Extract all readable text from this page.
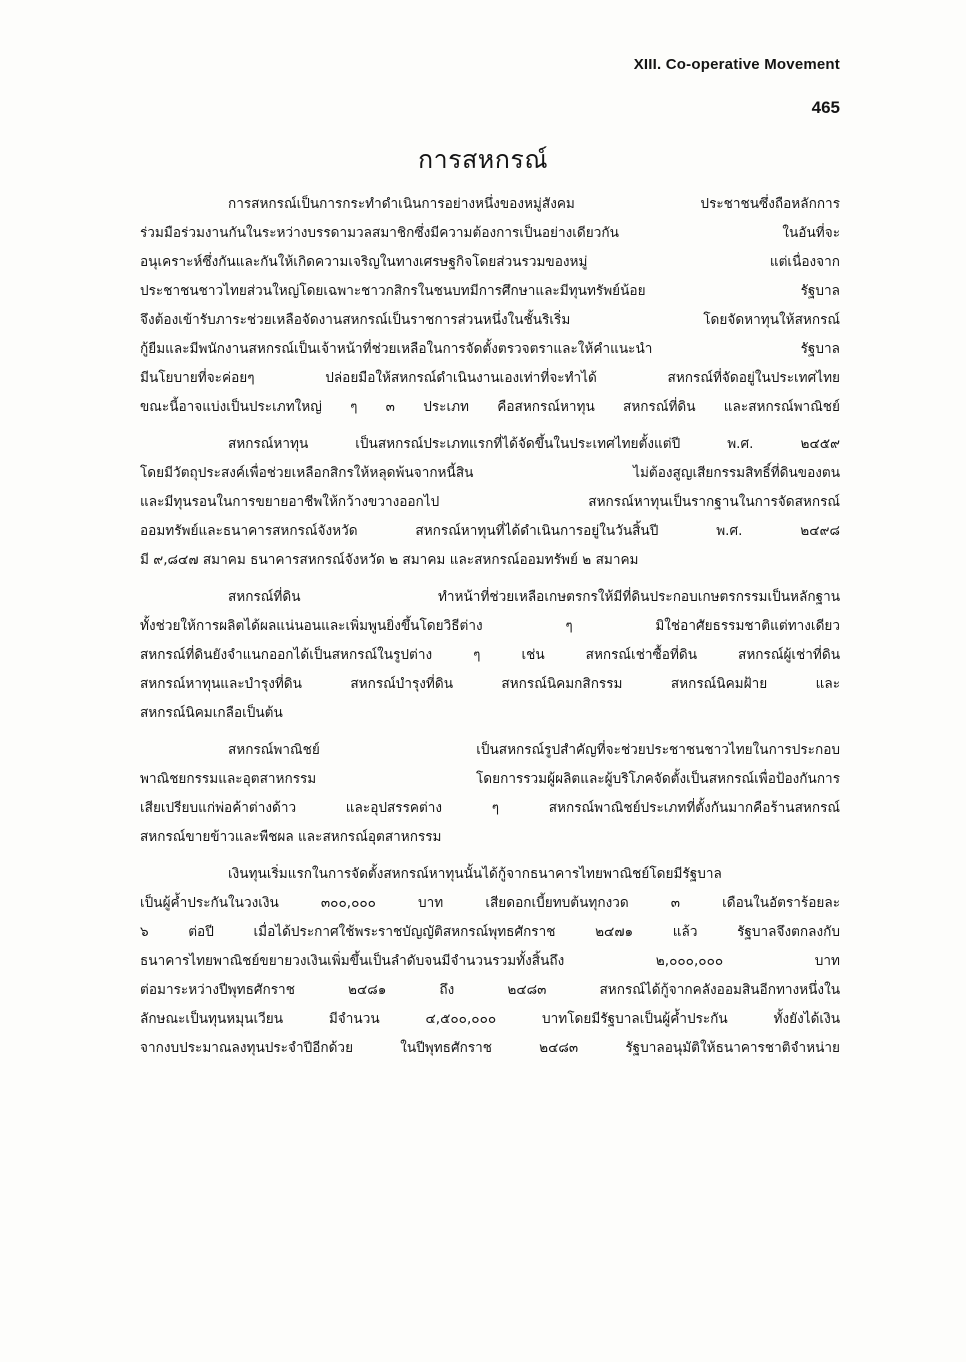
XIII. Co-operative Movement
465
การสหกรณ์
การสหกรณ์เป็นการกระทำดำเนินการอย่างหนึ่งของหมู่สังคม ประชาชนซึ่งถือหลักการ
ร่วมมือร่วมงานกันในระหว่างบรรดามวลสมาชิกซึ่งมีความต้องการเป็นอย่างเดียวกัน ในอันที่จะ
อนุเคราะห์ซึ่งกันและกันให้เกิดความเจริญในทางเศรษฐกิจโดยส่วนรวมของหมู่ แต่เนื่องจาก
ประชาชนชาวไทยส่วนใหญ่โดยเฉพาะชาวกสิกรในชนบทมีการศึกษาและมีทุนทรัพย์น้อย รัฐบาล
จึงต้องเข้ารับภาระช่วยเหลือจัดงานสหกรณ์เป็นราชการส่วนหนึ่งในชั้นริเริ่ม โดยจัดหาทุนให้สหกรณ์
กู้ยืมและมีพนักงานสหกรณ์เป็นเจ้าหน้าที่ช่วยเหลือในการจัดตั้งตรวจตราและให้คำแนะนำ รัฐบาล
มีนโยบายที่จะค่อยๆ ปล่อยมือให้สหกรณ์ดำเนินงานเองเท่าที่จะทำได้ สหกรณ์ที่จัดอยู่ในประเทศไทย
ขณะนี้อาจแบ่งเป็นประเภทใหญ่ ๆ ๓ ประเภท คือสหกรณ์หาทุน สหกรณ์ที่ดิน และสหกรณ์พาณิชย์
สหกรณ์หาทุน เป็นสหกรณ์ประเภทแรกที่ได้จัดขึ้นในประเทศไทยตั้งแต่ปี พ.ศ. ๒๔๕๙
โดยมีวัตถุประสงค์เพื่อช่วยเหลือกสิกรให้หลุดพ้นจากหนี้สิน ไม่ต้องสูญเสียกรรมสิทธิ์ที่ดินของตน
และมีทุนรอนในการขยายอาชีพให้กว้างขวางออกไป สหกรณ์หาทุนเป็นรากฐานในการจัดสหกรณ์
ออมทรัพย์และธนาคารสหกรณ์จังหวัด สหกรณ์หาทุนที่ได้ดำเนินการอยู่ในวันสิ้นปี พ.ศ. ๒๔๙๘
มี ๙,๘๔๗ สมาคม ธนาคารสหกรณ์จังหวัด ๒ สมาคม และสหกรณ์ออมทรัพย์ ๒ สมาคม
สหกรณ์ที่ดิน ทำหน้าที่ช่วยเหลือเกษตรกรให้มีที่ดินประกอบเกษตรกรรมเป็นหลักฐาน
ทั้งช่วยให้การผลิตได้ผลแน่นอนและเพิ่มพูนยิ่งขึ้นโดยวิธีต่าง ๆ มิใช่อาศัยธรรมชาติแต่ทางเดียว
สหกรณ์ที่ดินยังจำแนกออกได้เป็นสหกรณ์ในรูปต่าง ๆ เช่น สหกรณ์เช่าซื้อที่ดิน สหกรณ์ผู้เช่าที่ดิน
สหกรณ์หาทุนและบำรุงที่ดิน สหกรณ์บำรุงที่ดิน สหกรณ์นิคมกสิกรรม สหกรณ์นิคมฝ้าย และ
สหกรณ์นิคมเกลือเป็นต้น
สหกรณ์พาณิชย์ เป็นสหกรณ์รูปสำคัญที่จะช่วยประชาชนชาวไทยในการประกอบ
พาณิชยกรรมและอุตสาหกรรม โดยการรวมผู้ผลิตและผู้บริโภคจัดตั้งเป็นสหกรณ์เพื่อป้องกันการ
เสียเปรียบแก่พ่อค้าต่างด้าว และอุปสรรคต่าง ๆ สหกรณ์พาณิชย์ประเภทที่ตั้งกันมากคือร้านสหกรณ์
สหกรณ์ขายข้าวและพืชผล และสหกรณ์อุตสาหกรรม
เงินทุนเริ่มแรกในการจัดตั้งสหกรณ์หาทุนนั้นได้กู้จากธนาคารไทยพาณิชย์โดยมีรัฐบาล
เป็นผู้ค้ำประกันในวงเงิน ๓๐๐,๐๐๐ บาท เสียดอกเบี้ยทบต้นทุกงวด ๓ เดือนในอัตราร้อยละ
๖ ต่อปี เมื่อได้ประกาศใช้พระราชบัญญัติสหกรณ์พุทธศักราช ๒๔๗๑ แล้ว รัฐบาลจึงตกลงกับ
ธนาคารไทยพาณิชย์ขยายวงเงินเพิ่มขึ้นเป็นลำดับจนมีจำนวนรวมทั้งสิ้นถึง ๒,๐๐๐,๐๐๐ บาท
ต่อมาระหว่างปีพุทธศักราช ๒๔๘๑ ถึง ๒๔๘๓ สหกรณ์ได้กู้จากคลังออมสินอีกทางหนึ่งใน
ลักษณะเป็นทุนหมุนเวียน มีจำนวน ๔,๕๐๐,๐๐๐ บาทโดยมีรัฐบาลเป็นผู้ค้ำประกัน ทั้งยังได้เงิน
จากงบประมาณลงทุนประจำปีอีกด้วย ในปีพุทธศักราช ๒๔๘๓ รัฐบาลอนุมัติให้ธนาคารชาติจำหน่าย
